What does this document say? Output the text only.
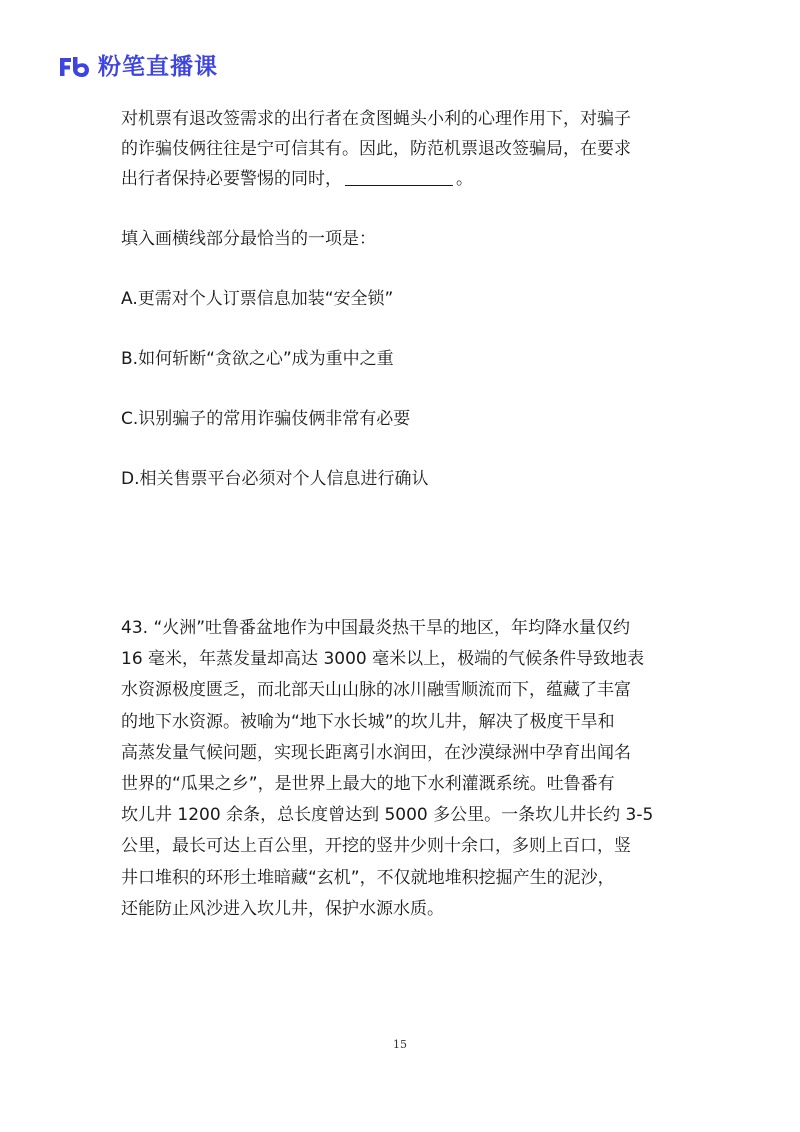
粉笔直播课
对机票有退改签需求的出行者在贪图蝇头小利的心理作用下，对骗子
的诈骗伎俩往往是宁可信其有。因此，防范机票退改签骗局，在要求
出行者保持必要警惕的同时，	。
填入画横线部分最恰当的一项是：
A.更需对个人订票信息加装“安全锁”
B.如何斩断“贪欲之心”成为重中之重
C.识别骗子的常用诈骗伎俩非常有必要
D.相关售票平台必须对个人信息进行确认
43. “火洲”吐鲁番盆地作为中国最炎热干旱的地区，年均降水量仅约
16 毫米，年蒸发量却高达 3000 毫米以上，极端的气候条件导致地表
水资源极度匮乏，而北部天山山脉的冰川融雪顺流而下，蕴藏了丰富
的地下水资源。被喻为“地下水长城”的坎儿井，解决了极度干旱和
高蒸发量气候问题，实现长距离引水润田，在沙漠绿洲中孕育出闻名
世界的“瓜果之乡”，是世界上最大的地下水利灌溉系统。吐鲁番有
坎儿井 1200 余条，总长度曾达到 5000 多公里。一条坎儿井长约 3-5
公里，最长可达上百公里，开挖的竖井少则十余口，多则上百口，竖
井口堆积的环形土堆暗藏“玄机”，不仅就地堆积挖掘产生的泥沙，
还能防止风沙进入坎儿井，保护水源水质。
15
